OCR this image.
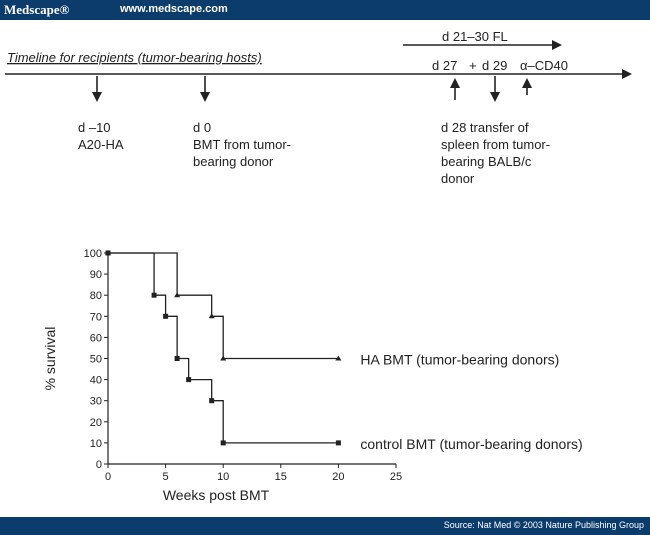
Medscape®	www.medscape.com
Timeline for recipients (tumor-bearing hosts)
d 21–30 FL
d 27 + d 29 α–CD40
d –10 A20-HA
d 0 BMT from tumor- bearing donor
d 28 transfer of spleen from tumor- bearing BALB/c donor
% survival
Weeks post BMT
0
10
20
30
40
50
60
70
80
90
100
0	5	10	15	20	25
HA BMT (tumor-bearing donors)
control BMT (tumor-bearing donors)
Source: Nat Med © 2003 Nature Publishing Group
